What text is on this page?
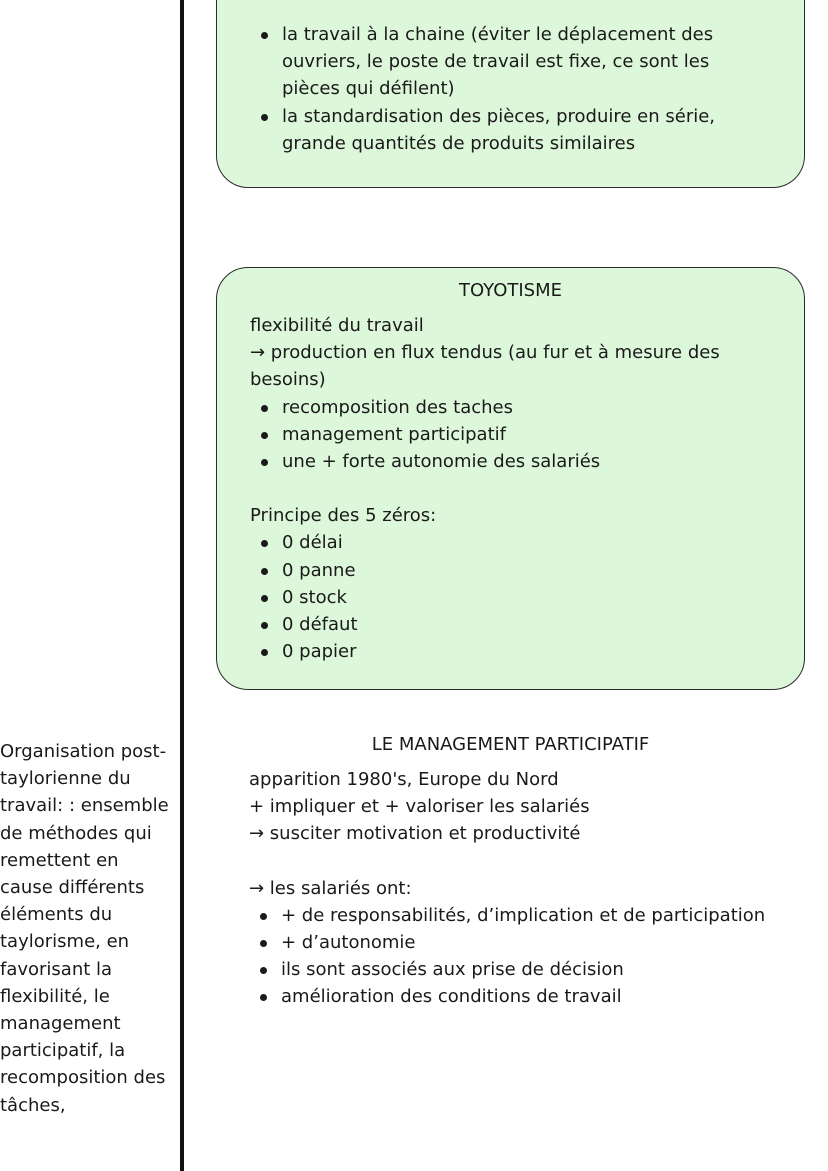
Organisation post-taylorienne du travail: : ensemble de méthodes qui remettent en cause différents éléments du taylorisme, en favorisant la flexibilité, le management participatif, la recomposition des tâches,

la travail à la chaine (éviter le déplacement des ouvriers, le poste de travail est fixe, ce sont les pièces qui défilent)
la standardisation des pièces, produire en série, grande quantités de produits similaires

TOYOTISME

flexibilité du travail

→ production en flux tendus (au fur et à mesure des besoins)

recomposition des taches
management participatif
une + forte autonomie des salariés

Principe des 5 zéros:

0 délai
0 panne
0 stock
0 défaut
0 papier

LE MANAGEMENT PARTICIPATIF

apparition 1980's, Europe du Nord

+ impliquer et + valoriser les salariés

→ susciter motivation et productivité

→ les salariés ont:

+ de responsabilités, d’implication et de participation
+ d’autonomie
ils sont associés aux prise de décision
amélioration des conditions de travail
